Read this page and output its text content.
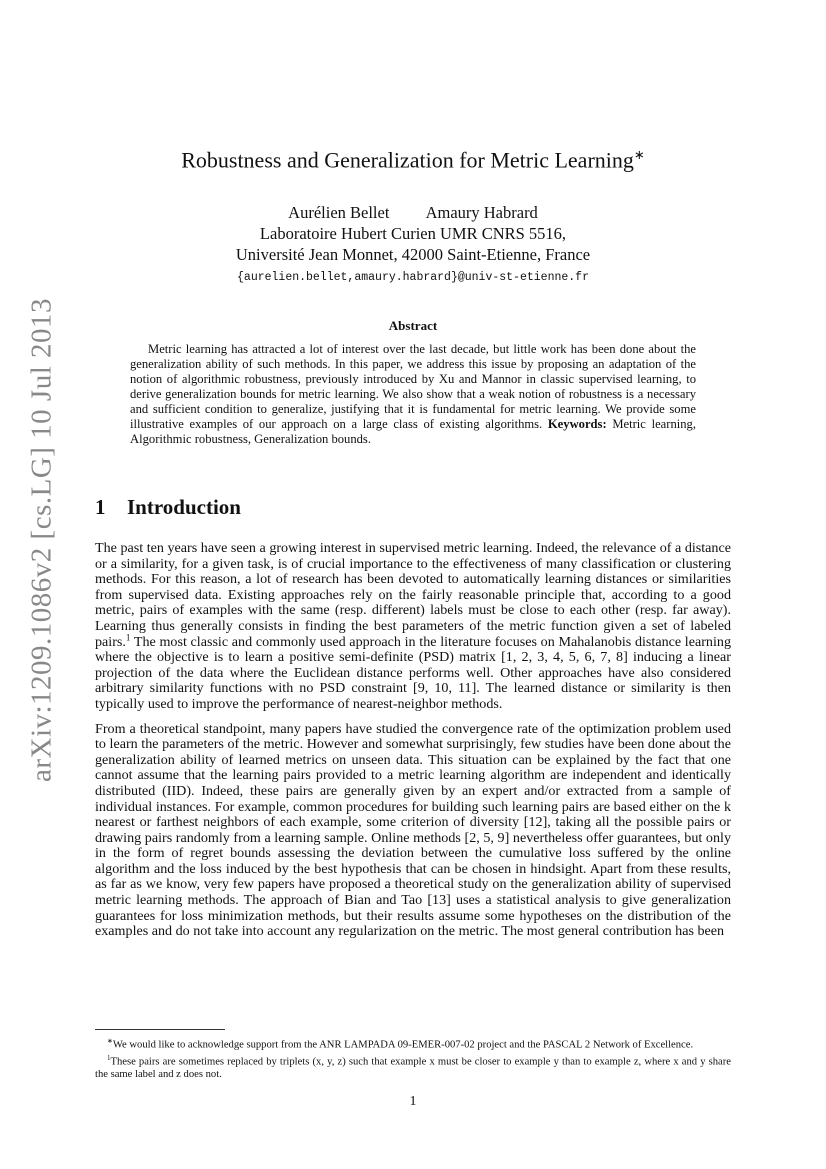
arXiv:1209.1086v2 [cs.LG] 10 Jul 2013
Robustness and Generalization for Metric Learning∗
Aurélien Bellet Amaury Habrard
Laboratoire Hubert Curien UMR CNRS 5516,
Université Jean Monnet, 42000 Saint-Etienne, France
{aurelien.bellet,amaury.habrard}@univ-st-etienne.fr
Abstract

Metric learning has attracted a lot of interest over the last decade, but little work has been done about the generalization ability of such methods. In this paper, we address this issue by proposing an adaptation of the notion of algorithmic robustness, previously introduced by Xu and Mannor in classic supervised learning, to derive generalization bounds for metric learning. We also show that a weak notion of robustness is a necessary and sufficient condition to generalize, justifying that it is fundamental for metric learning. We provide some illustrative examples of our approach on a large class of existing algorithms. Keywords: Metric learning, Algorithmic robustness, Generalization bounds.

1 Introduction

The past ten years have seen a growing interest in supervised metric learning. Indeed, the relevance of a distance or a similarity, for a given task, is of crucial importance to the effectiveness of many classification or clustering methods. For this reason, a lot of research has been devoted to automatically learning distances or similarities from supervised data. Existing approaches rely on the fairly reasonable principle that, according to a good metric, pairs of examples with the same (resp. different) labels must be close to each other (resp. far away). Learning thus generally consists in finding the best parameters of the metric function given a set of labeled pairs.$^1$ The most classic and commonly used approach in the literature focuses on Mahalanobis distance learning where the objective is to learn a positive semi-definite (PSD) matrix [1, 2, 3, 4, 5, 6, 7, 8] inducing a linear projection of the data where the Euclidean distance performs well. Other approaches have also considered arbitrary similarity functions with no PSD constraint [9, 10, 11]. The learned distance or similarity is then typically used to improve the performance of nearest-neighbor methods.

From a theoretical standpoint, many papers have studied the convergence rate of the optimization problem used to learn the parameters of the metric. However and somewhat surprisingly, few studies have been done about the generalization ability of learned metrics on unseen data. This situation can be explained by the fact that one cannot assume that the learning pairs provided to a metric learning algorithm are independent and identically distributed (IID). Indeed, these pairs are generally given by an expert and/or extracted from a sample of individual instances. For example, common procedures for building such learning pairs are based either on the k nearest or farthest neighbors of each example, some criterion of diversity [12], taking all the possible pairs or drawing pairs randomly from a learning sample. Online methods [2, 5, 9] nevertheless offer guarantees, but only in the form of regret bounds assessing the deviation between the cumulative loss suffered by the online algorithm and the loss induced by the best hypothesis that can be chosen in hindsight. Apart from these results, as far as we know, very few papers have proposed a theoretical study on the generalization ability of supervised metric learning methods. The approach of Bian and Tao [13] uses a statistical analysis to give generalization guarantees for loss minimization methods, but their results assume some hypotheses on the distribution of the examples and do not take into account any regularization on the metric. The most general contribution has been

∗We would like to acknowledge support from the ANR LAMPADA 09-EMER-007-02 project and the PASCAL 2 Network of Excellence.

$^1$These pairs are sometimes replaced by triplets (x, y, z) such that example x must be closer to example y than to example z, where x and y share the same label and z does not.

1
